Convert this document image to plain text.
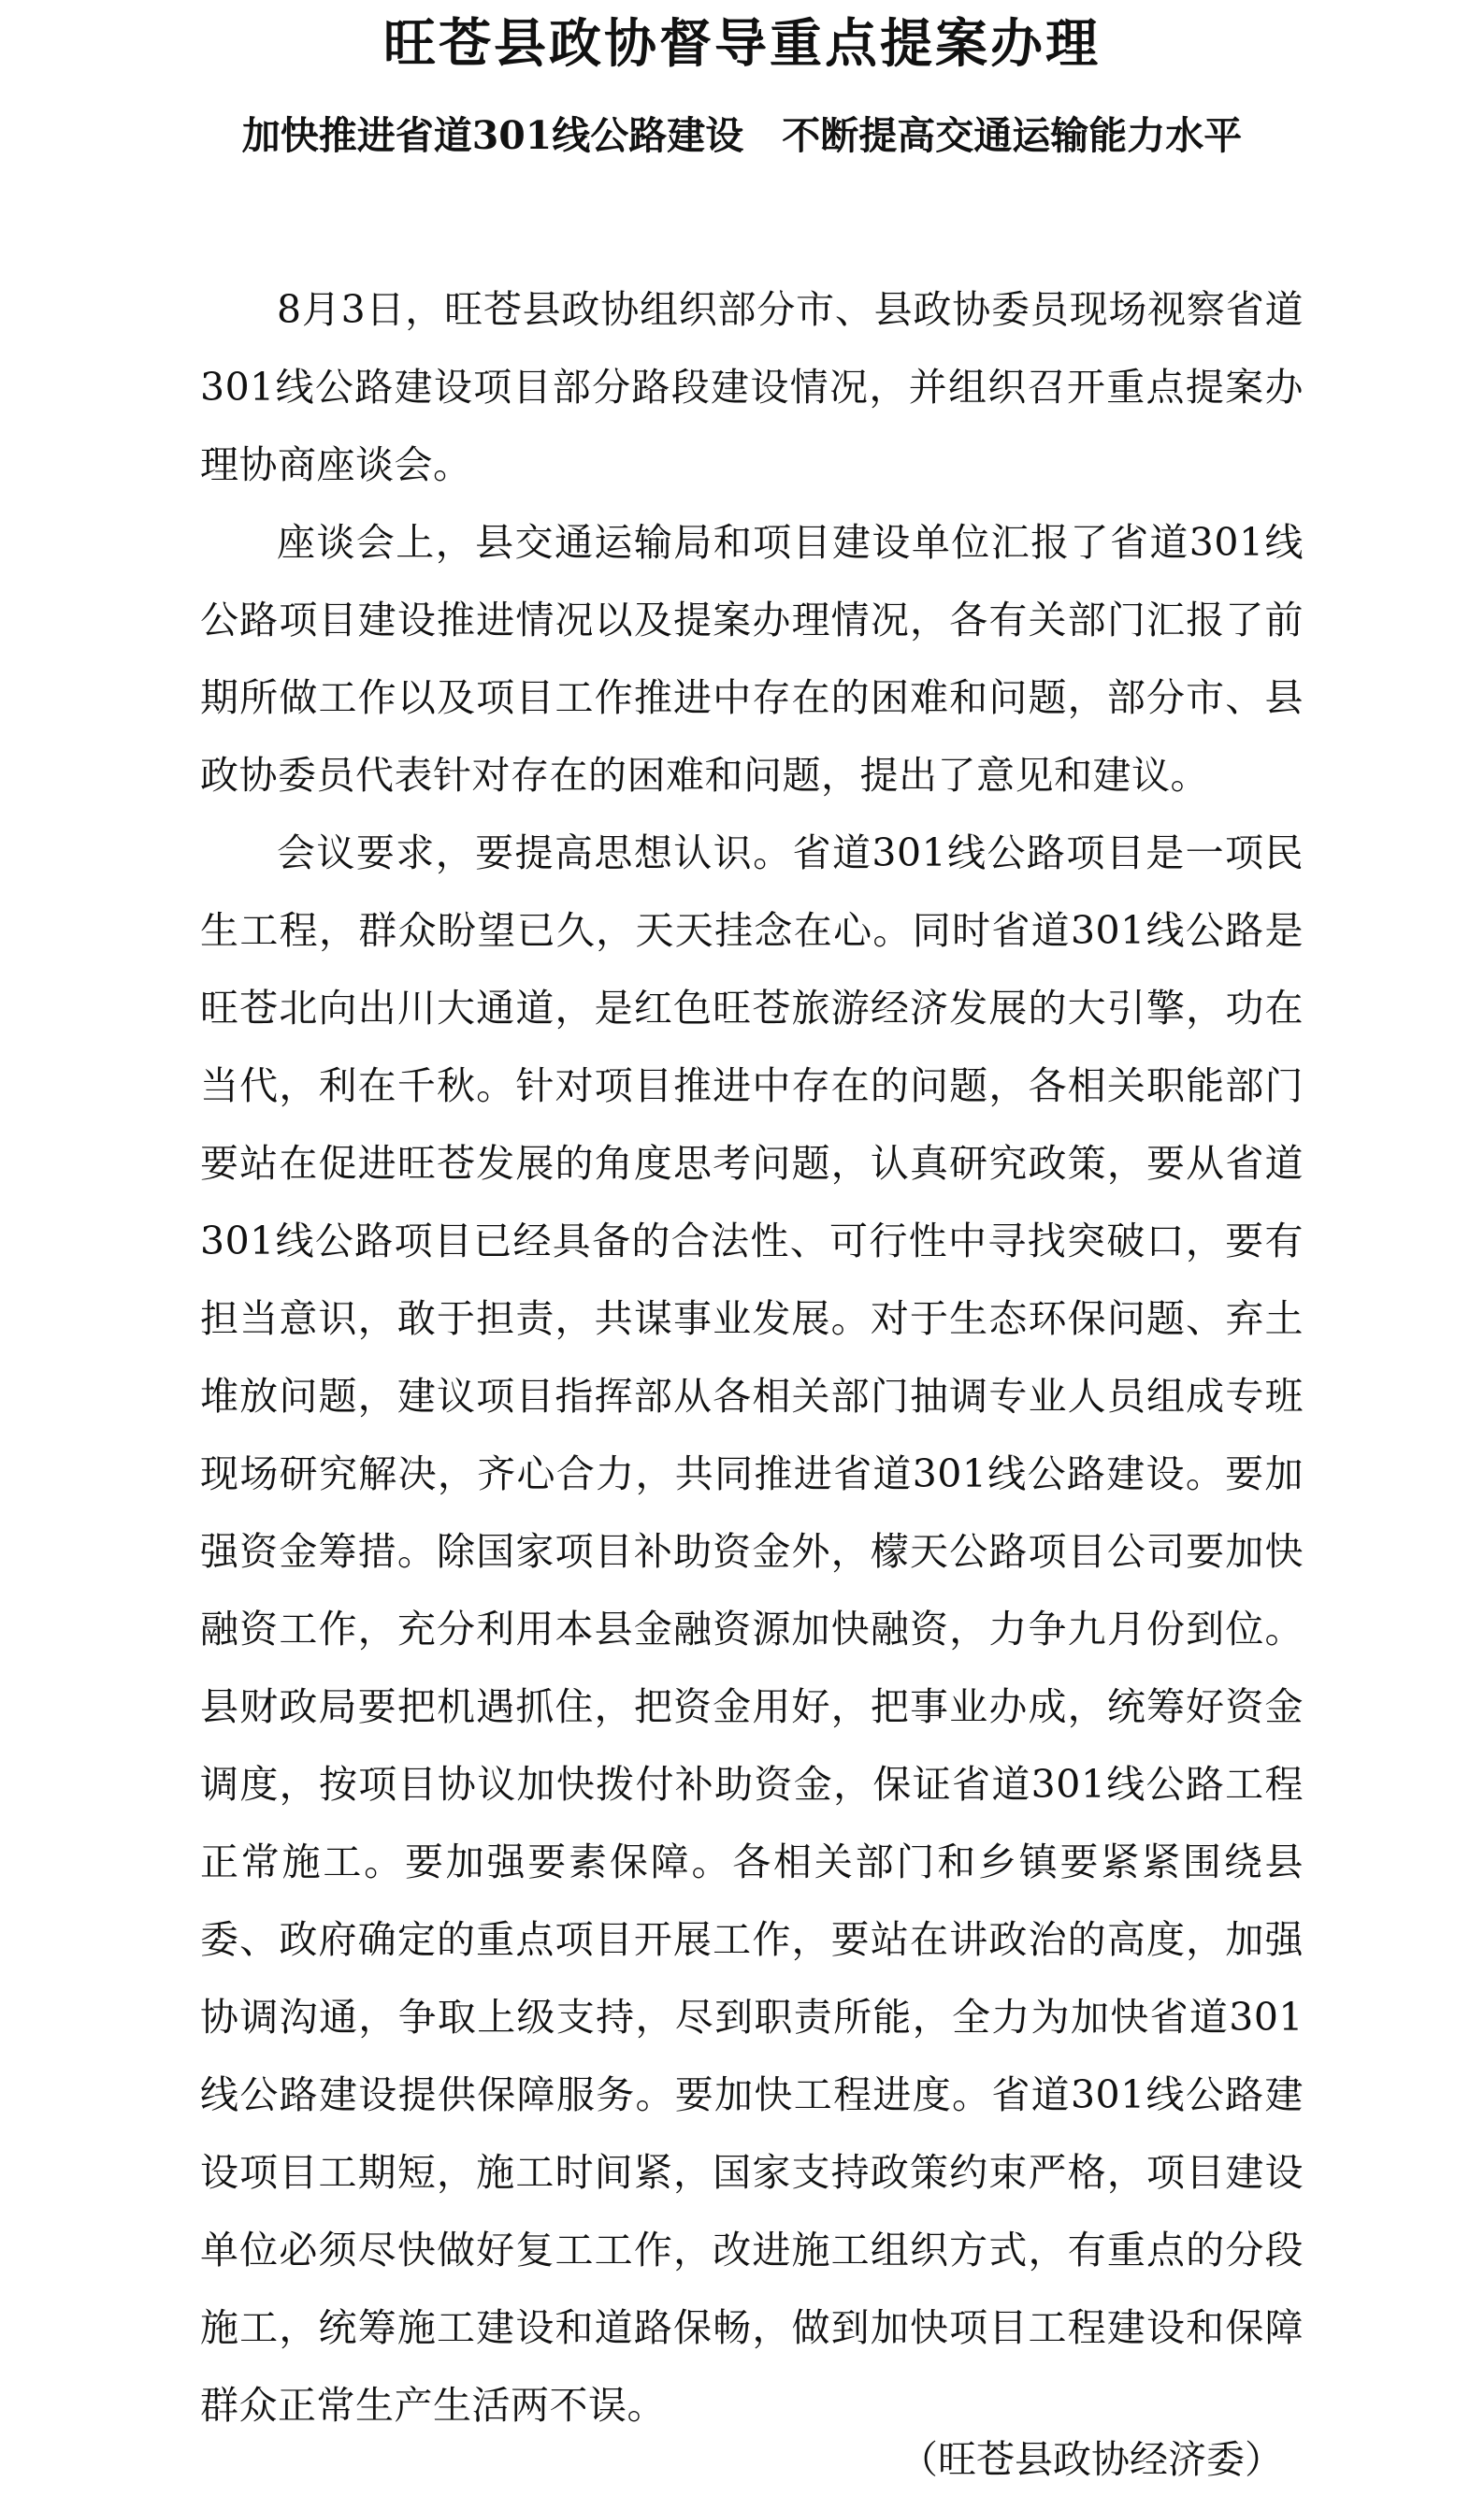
旺苍县政协督导重点提案办理
加快推进省道301线公路建设　不断提高交通运输能力水平

8月3日，旺苍县政协组织部分市、县政协委员现场视察省道301线公路建设项目部分路段建设情况，并组织召开重点提案办理协商座谈会。

座谈会上，县交通运输局和项目建设单位汇报了省道301线公路项目建设推进情况以及提案办理情况，各有关部门汇报了前期所做工作以及项目工作推进中存在的困难和问题，部分市、县政协委员代表针对存在的困难和问题，提出了意见和建议。

会议要求，要提高思想认识。省道301线公路项目是一项民生工程，群众盼望已久，天天挂念在心。同时省道301线公路是旺苍北向出川大通道，是红色旺苍旅游经济发展的大引擎，功在当代，利在千秋。针对项目推进中存在的问题，各相关职能部门要站在促进旺苍发展的角度思考问题，认真研究政策，要从省道301线公路项目已经具备的合法性、可行性中寻找突破口，要有担当意识，敢于担责，共谋事业发展。对于生态环保问题、弃土堆放问题，建议项目指挥部从各相关部门抽调专业人员组成专班现场研究解决，齐心合力，共同推进省道301线公路建设。要加强资金筹措。除国家项目补助资金外，檬天公路项目公司要加快融资工作，充分利用本县金融资源加快融资，力争九月份到位。县财政局要把机遇抓住，把资金用好，把事业办成，统筹好资金调度，按项目协议加快拨付补助资金，保证省道301线公路工程正常施工。要加强要素保障。各相关部门和乡镇要紧紧围绕县委、政府确定的重点项目开展工作，要站在讲政治的高度，加强协调沟通，争取上级支持，尽到职责所能，全力为加快省道301线公路建设提供保障服务。要加快工程进度。省道301线公路建设项目工期短，施工时间紧，国家支持政策约束严格，项目建设单位必须尽快做好复工工作，改进施工组织方式，有重点的分段施工，统筹施工建设和道路保畅，做到加快项目工程建设和保障群众正常生产生活两不误。

（旺苍县政协经济委）
